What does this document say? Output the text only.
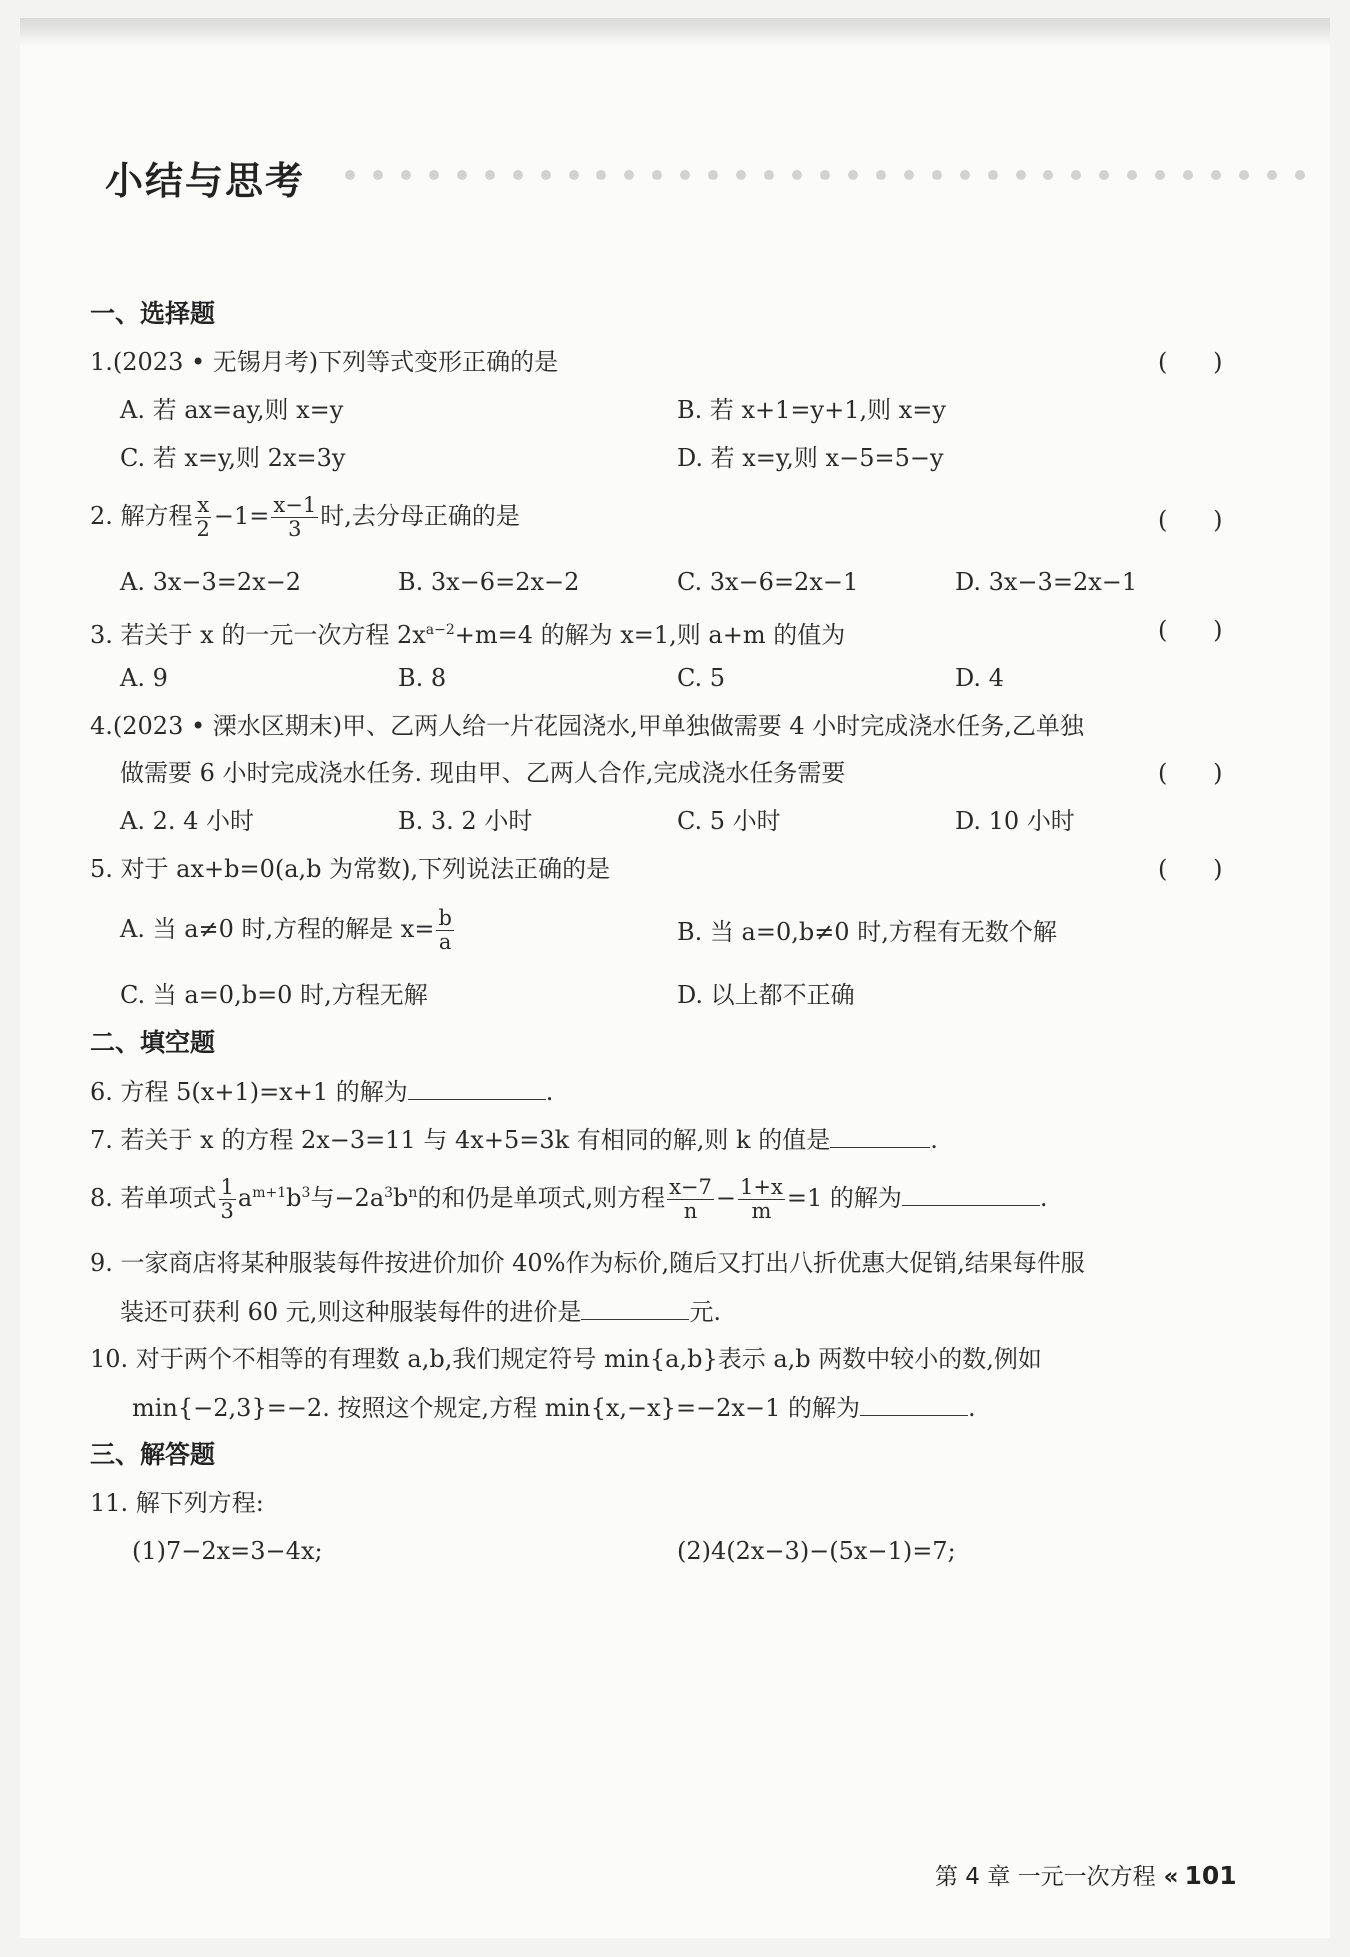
小结与思考
一、选择题
1.(2023 • 无锡月考)下列等式变形正确的是	(      )
A. 若 ax=ay,则 x=y	B. 若 x+1=y+1,则 x=y
C. 若 x=y,则 2x=3y	D. 若 x=y,则 x−5=5−y
2. 解方程 $\frac{x}{2} -1= \frac{x-1}{3}$ 时,去分母正确的是	(      )
A. 3x−3=2x−2	B. 3x−6=2x−2	C. 3x−6=2x−1	D. 3x−3=2x−1
3. 若关于 x 的一元一次方程 $2x^{a-2}+m=4$ 的解为 x=1,则 a+m 的值为	(      )
A. 9	B. 8	C. 5	D. 4
4.(2023 • 溧水区期末)甲、乙两人给一片花园浇水,甲单独做需要 4 小时完成浇水任务,乙单独
做需要 6 小时完成浇水任务. 现由甲、乙两人合作,完成浇水任务需要	(      )
A. 2. 4 小时	B. 3. 2 小时	C. 5 小时	D. 10 小时
5. 对于 ax+b=0(a,b 为常数),下列说法正确的是	(      )
A. 当 a≠0 时,方程的解是 $x= \frac{b}{a}$	B. 当 a=0,b≠0 时,方程有无数个解
C. 当 a=0,b=0 时,方程无解	D. 以上都不正确
二、填空题
6. 方程 5(x+1)=x+1 的解为	.
7. 若关于 x 的方程 2x−3=11 与 4x+5=3k 有相同的解,则 k 的值是	.
8. 若单项式 $\frac{1}{3} a^{m+1}b^3$与$-2a^3b^n$的和仍是单项式,则方程 $\frac{x-7}{n} - \frac{1+x}{m} =1$ 的解为	.
9. 一家商店将某种服装每件按进价加价 40%作为标价,随后又打出八折优惠大促销,结果每件服
装还可获利 60 元,则这种服装每件的进价是	元.
10. 对于两个不相等的有理数 a,b,我们规定符号 min{a,b}表示 a,b 两数中较小的数,例如
min{−2,3}=−2. 按照这个规定,方程 min{x,−x}=−2x−1 的解为	.
三、解答题
11. 解下列方程:
(1)7−2x=3−4x;	(2)4(2x−3)−(5x−1)=7;
第 4 章 一元一次方程 « 101
